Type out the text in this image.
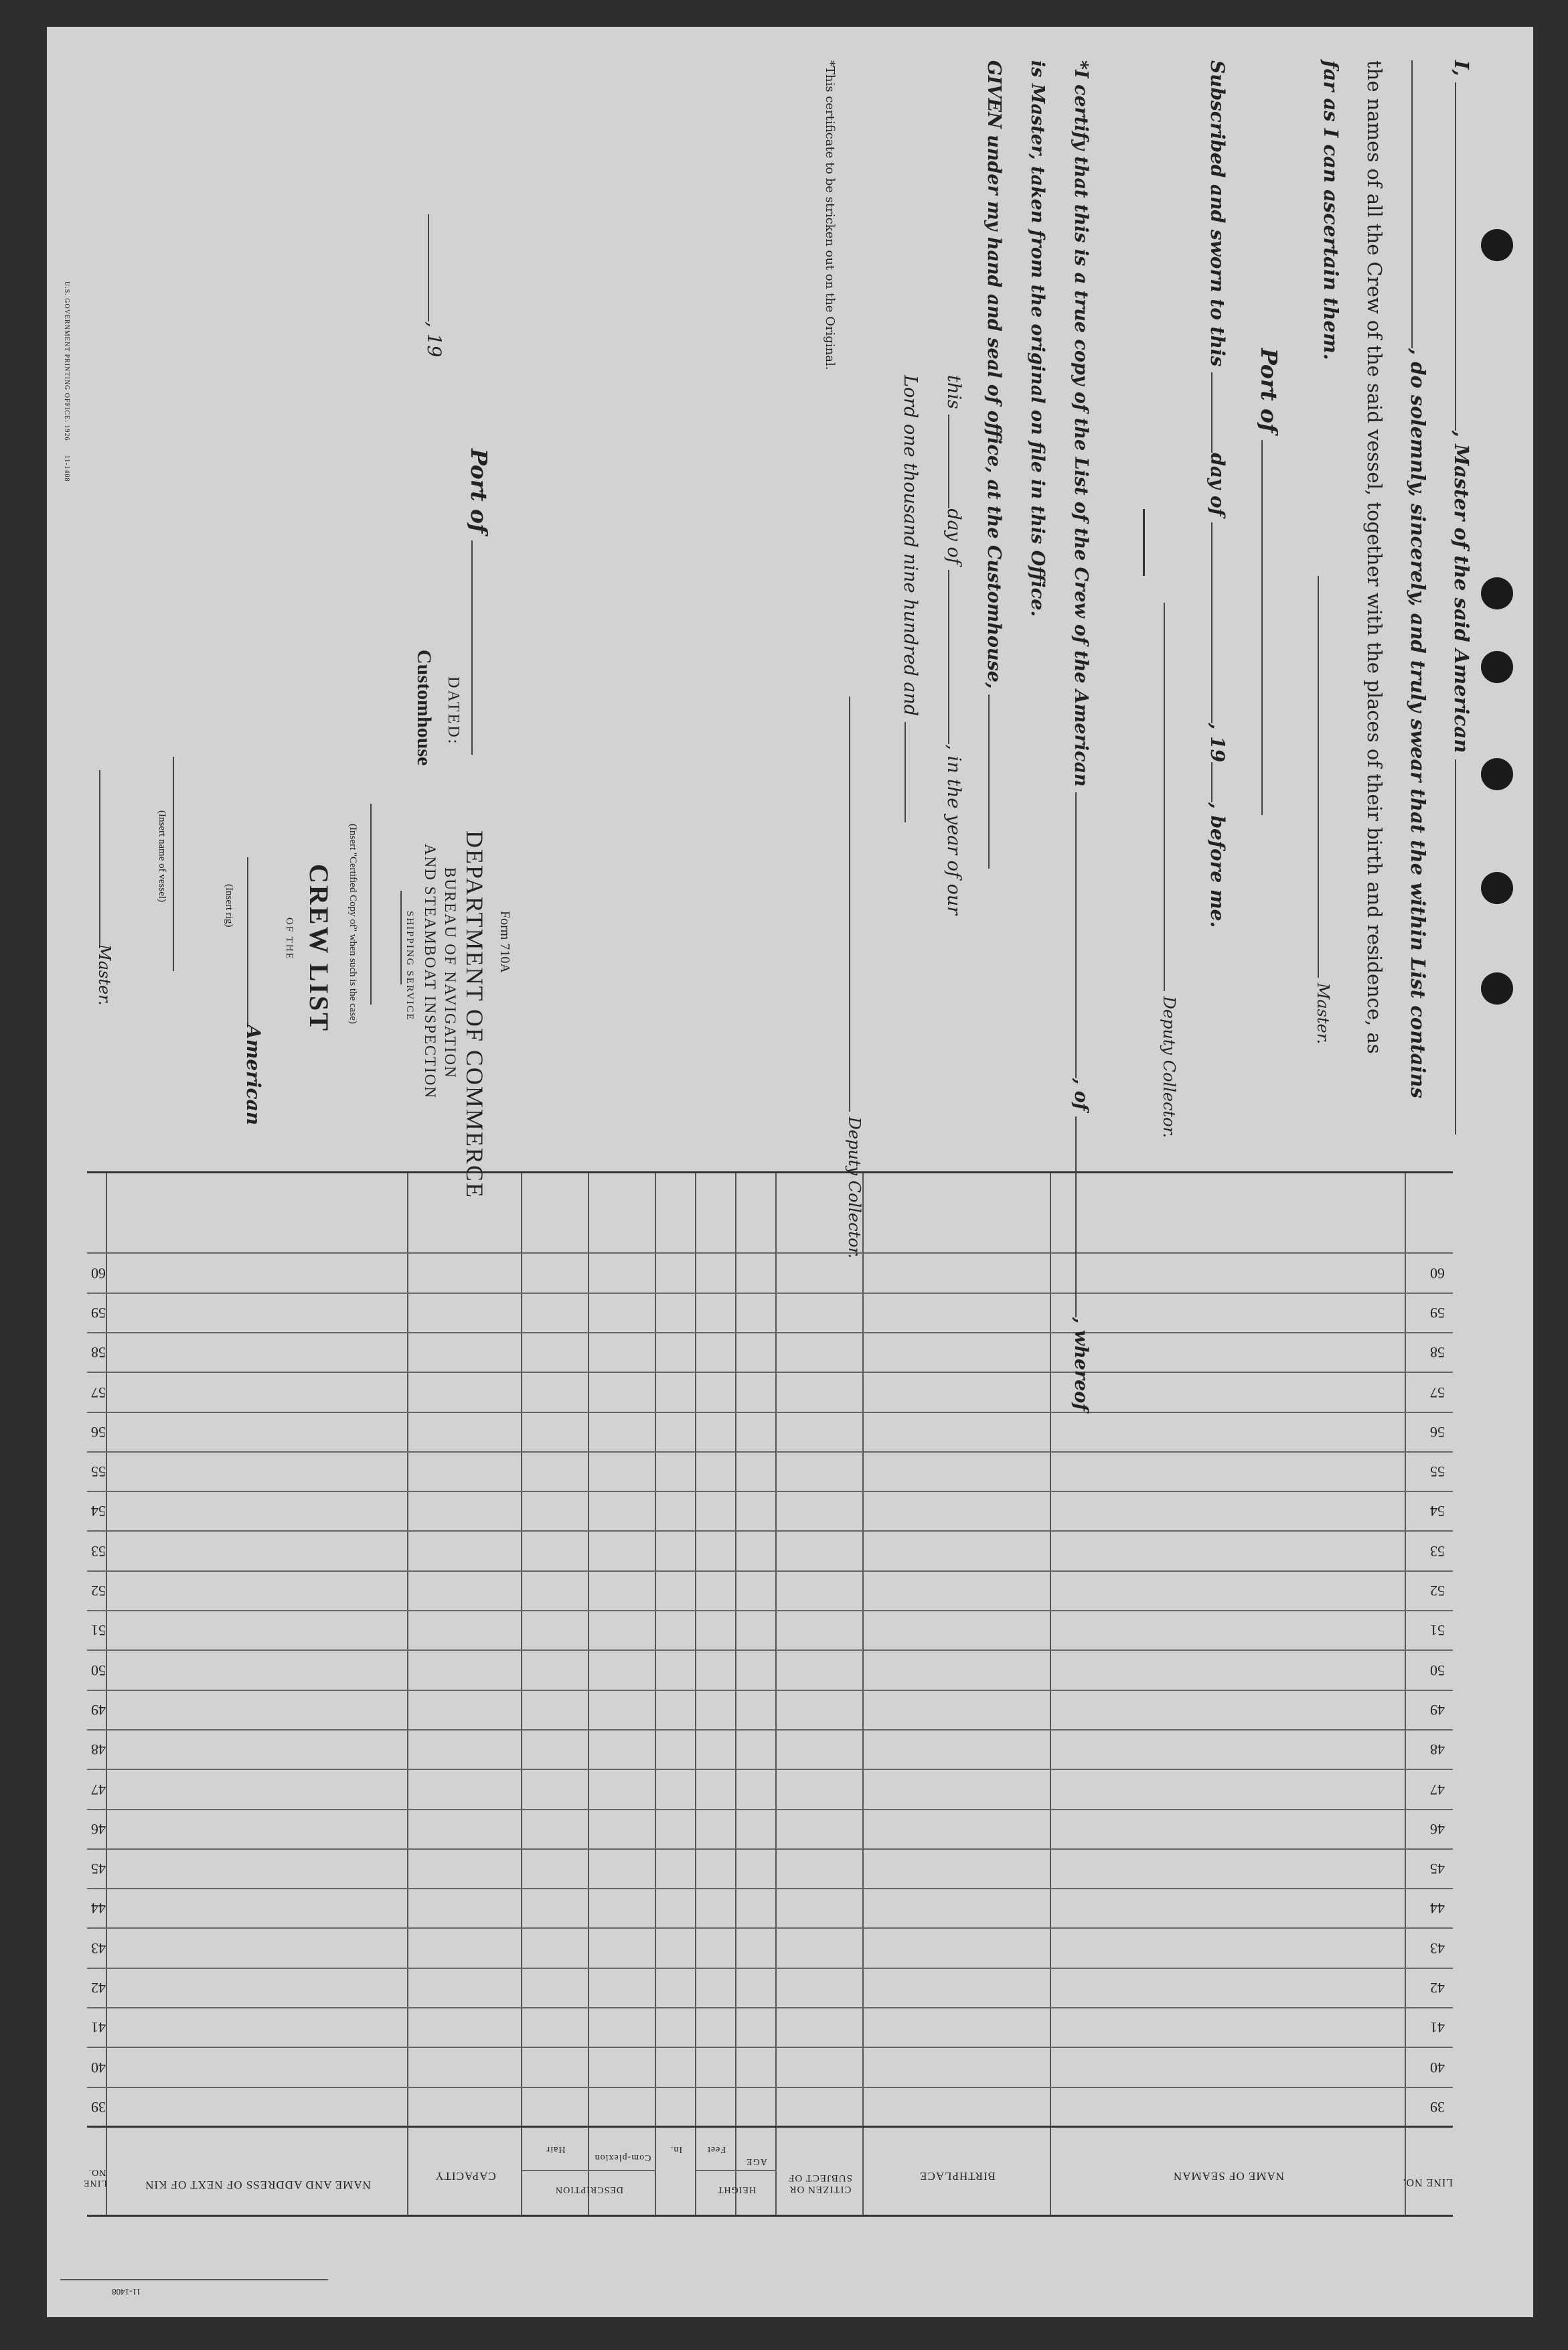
LINE NO.
NAME OF SEAMAN
BIRTHPLACE
CITIZEN OR SUBJECT OF
AGE
HEIGHT
Feet
In.
DESCRIPTION
Com-plexion
Hair
CAPACITY
NAME AND ADDRESS OF NEXT OF KIN
LINE NO.
39
39
40
40
41
41
42
42
43
43
44
44
45
45
46
46
47
47
48
48
49
49
50
50
51
51
52
52
53
53
54
54
55
55
56
56
57
57
58
58
59
59
60
60
I, , Master of the said American
, do solemnly, sincerely, and truly swear that the within List contains
the names of all the Crew of the said vessel, together with the places of their birth and residence, as
far as I can ascertain them.
Master.
Port of
Subscribed and sworn to this day of , 19, before me.
Deputy Collector.
*I certify that this is a true copy of the List of the Crew of the American
, of , whereof
is Master, taken from the original on file in this Office.
GIVEN under my hand and seal of office, at the Customhouse,
this day of , in the year of our
Lord one thousand nine hundred and
Deputy Collector.
*This certificate to be stricken out on the Original.
Form 710A
DEPARTMENT OF COMMERCE
BUREAU OF NAVIGATION
AND STEAMBOAT INSPECTION
SHIPPING SERVICE
(Insert "Certified Copy of" when such is the case)
CREW LIST
OF THE
American
(Insert rig)
(Insert name of vessel)
Master.
DATED:
Customhouse
Port of
, 19
U.S. GOVERNMENT PRINTING OFFICE: 1926      11-1408
11-1408
